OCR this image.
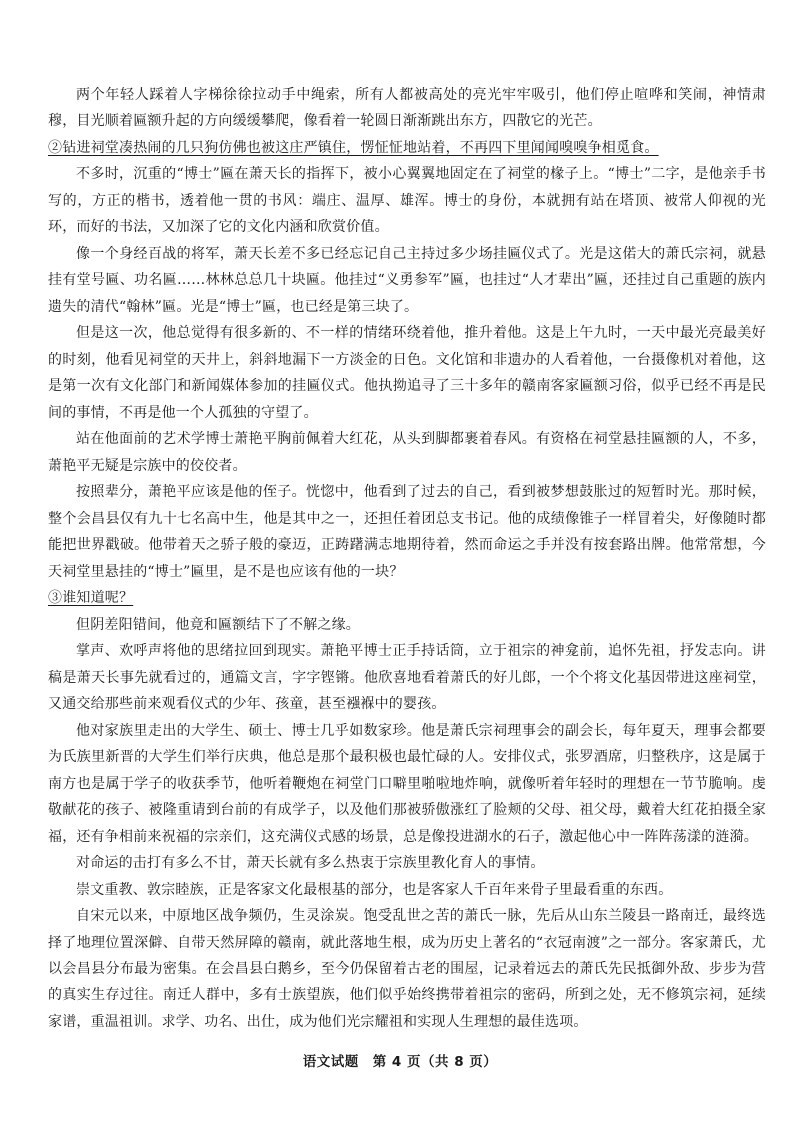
两个年轻人踩着人字梯徐徐拉动手中绳索，所有人都被高处的亮光牢牢吸引，他们停止喧哗和笑闹，神情肃穆，目光顺着匾额升起的方向缓缓攀爬，像看着一轮圆日渐渐跳出东方，四散它的光芒。

②钻进祠堂凑热闹的几只狗仿佛也被这庄严镇住，愣怔怔地站着，不再四下里闻闻嗅嗅争相觅食。

不多时，沉重的“博士”匾在萧天长的指挥下，被小心翼翼地固定在了祠堂的椽子上。“博士”二字，是他亲手书写的，方正的楷书，透着他一贯的书风：端庄、温厚、雄浑。博士的身份，本就拥有站在塔顶、被常人仰视的光环，而好的书法，又加深了它的文化内涵和欣赏价值。

像一个身经百战的将军，萧天长差不多已经忘记自己主持过多少场挂匾仪式了。光是这偌大的萧氏宗祠，就悬挂有堂号匾、功名匾……林林总总几十块匾。他挂过“义勇参军”匾，也挂过“人才辈出”匾，还挂过自己重题的族内遗失的清代“翰林”匾。光是“博士”匾，也已经是第三块了。

但是这一次，他总觉得有很多新的、不一样的情绪环绕着他，推升着他。这是上午九时，一天中最光亮最美好的时刻，他看见祠堂的天井上，斜斜地漏下一方淡金的日色。文化馆和非遗办的人看着他，一台摄像机对着他，这是第一次有文化部门和新闻媒体参加的挂匾仪式。他执拗追寻了三十多年的赣南客家匾额习俗，似乎已经不再是民间的事情，不再是他一个人孤独的守望了。

站在他面前的艺术学博士萧艳平胸前佩着大红花，从头到脚都裹着春风。有资格在祠堂悬挂匾额的人，不多，萧艳平无疑是宗族中的佼佼者。

按照辈分，萧艳平应该是他的侄子。恍惚中，他看到了过去的自己，看到被梦想鼓胀过的短暂时光。那时候，整个会昌县仅有九十七名高中生，他是其中之一，还担任着团总支书记。他的成绩像锥子一样冒着尖，好像随时都能把世界戳破。他带着天之骄子般的豪迈，正踌躇满志地期待着，然而命运之手并没有按套路出牌。他常常想，今天祠堂里悬挂的“博士”匾里，是不是也应该有他的一块？

③谁知道呢？

但阴差阳错间，他竟和匾额结下了不解之缘。

掌声、欢呼声将他的思绪拉回到现实。萧艳平博士正手持话筒，立于祖宗的神龛前，追怀先祖，抒发志向。讲稿是萧天长事先就看过的，通篇文言，字字铿锵。他欣喜地看着萧氏的好儿郎，一个个将文化基因带进这座祠堂，又通交给那些前来观看仪式的少年、孩童，甚至襁褓中的婴孩。

他对家族里走出的大学生、硕士、博士几乎如数家珍。他是萧氏宗祠理事会的副会长，每年夏天，理事会都要为氏族里新晋的大学生们举行庆典，他总是那个最积极也最忙碌的人。安排仪式，张罗酒席，归整秩序，这是属于南方也是属于学子的收获季节，他听着鞭炮在祠堂门口噼里啪啦地炸响，就像听着年轻时的理想在一节节脆响。虔敬献花的孩子、被隆重请到台前的有成学子，以及他们那被骄傲涨红了脸颊的父母、祖父母，戴着大红花拍摄全家福，还有争相前来祝福的宗亲们，这充满仪式感的场景，总是像投进湖水的石子，激起他心中一阵阵荡漾的涟漪。

对命运的击打有多么不甘，萧天长就有多么热衷于宗族里教化育人的事情。

崇文重教、敦宗睦族，正是客家文化最根基的部分，也是客家人千百年来骨子里最看重的东西。

自宋元以来，中原地区战争频仍，生灵涂炭。饱受乱世之苦的萧氏一脉，先后从山东兰陵县一路南迁，最终选择了地理位置深僻、自带天然屏障的赣南，就此落地生根，成为历史上著名的“衣冠南渡”之一部分。客家萧氏，尤以会昌县分布最为密集。在会昌县白鹅乡，至今仍保留着古老的围屋，记录着远去的萧氏先民抵御外敌、步步为营的真实生存过往。南迁人群中，多有士族望族，他们似乎始终携带着祖宗的密码，所到之处，无不修筑宗祠，延续家谱，重温祖训。求学、功名、出仕，成为他们光宗耀祖和实现人生理想的最佳选项。

语文试题　第 4 页（共 8 页）
